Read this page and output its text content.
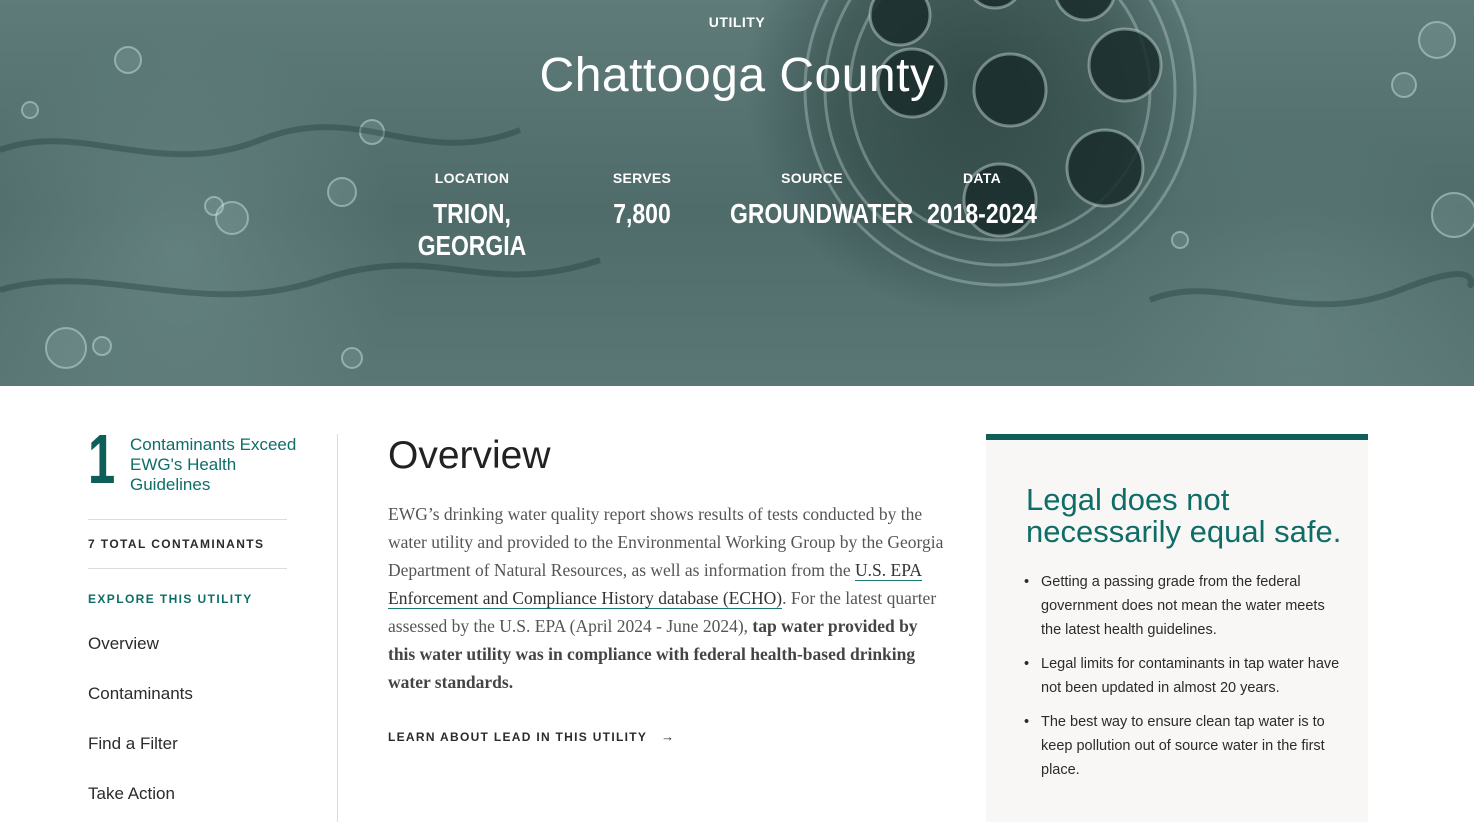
UTILITY
Chattooga County
LOCATION
TRION, GEORGIA
SERVES
7,800
SOURCE
GROUNDWATER
DATA
2018-2024
1 Contaminants Exceed EWG's Health Guidelines
7 TOTAL CONTAMINANTS
EXPLORE THIS UTILITY
Overview
Contaminants
Find a Filter
Take Action
Overview

EWG’s drinking water quality report shows results of tests conducted by the water utility and provided to the Environmental Working Group by the Georgia Department of Natural Resources, as well as information from the U.S. EPA Enforcement and Compliance History database (ECHO). For the latest quarter assessed by the U.S. EPA (April 2024 - June 2024), tap water provided by this water utility was in compliance with federal health-based drinking water standards.

LEARN ABOUT LEAD IN THIS UTILITY →
Legal does not necessarily equal safe.
• Getting a passing grade from the federal government does not mean the water meets the latest health guidelines.
• Legal limits for contaminants in tap water have not been updated in almost 20 years.
• The best way to ensure clean tap water is to keep pollution out of source water in the first place.
